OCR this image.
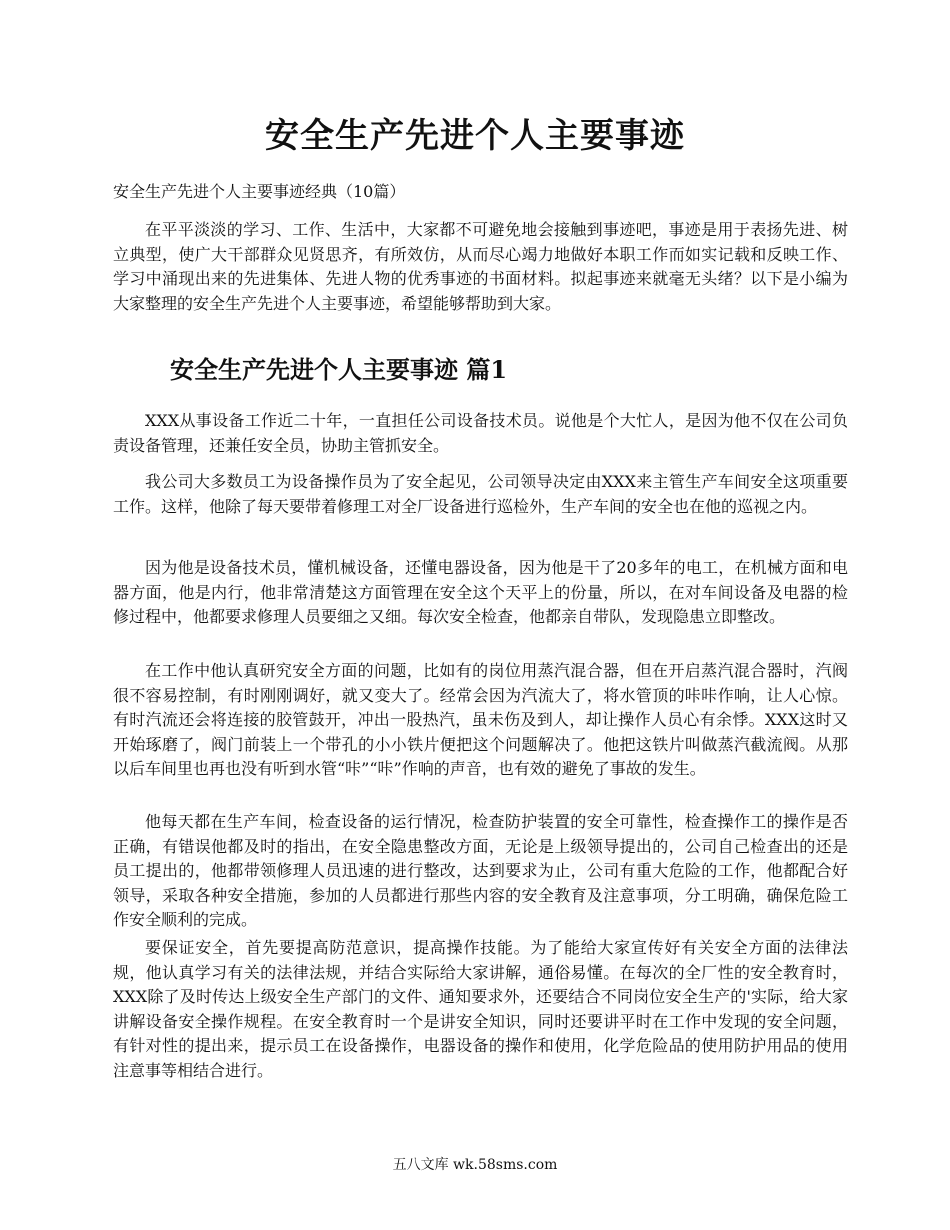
安全生产先进个人主要事迹

安全生产先进个人主要事迹经典（10篇）

在平平淡淡的学习、工作、生活中，大家都不可避免地会接触到事迹吧，事迹是用于表扬先进、树立典型，使广大干部群众见贤思齐，有所效仿，从而尽心竭力地做好本职工作而如实记载和反映工作、学习中涌现出来的先进集体、先进人物的优秀事迹的书面材料。拟起事迹来就毫无头绪？以下是小编为大家整理的安全生产先进个人主要事迹，希望能够帮助到大家。

安全生产先进个人主要事迹 篇1

XXX从事设备工作近二十年，一直担任公司设备技术员。说他是个大忙人，是因为他不仅在公司负责设备管理，还兼任安全员，协助主管抓安全。

我公司大多数员工为设备操作员为了安全起见，公司领导决定由XXX来主管生产车间安全这项重要工作。这样，他除了每天要带着修理工对全厂设备进行巡检外，生产车间的安全也在他的巡视之内。

因为他是设备技术员，懂机械设备，还懂电器设备，因为他是干了20多年的电工，在机械方面和电器方面，他是内行，他非常清楚这方面管理在安全这个天平上的份量，所以，在对车间设备及电器的检修过程中，他都要求修理人员要细之又细。每次安全检查，他都亲自带队，发现隐患立即整改。

在工作中他认真研究安全方面的问题，比如有的岗位用蒸汽混合器，但在开启蒸汽混合器时，汽阀很不容易控制，有时刚刚调好，就又变大了。经常会因为汽流大了，将水管顶的咔咔作响，让人心惊。有时汽流还会将连接的胶管鼓开，冲出一股热汽，虽未伤及到人，却让操作人员心有余悸。XXX这时又开始琢磨了，阀门前装上一个带孔的小小铁片便把这个问题解决了。他把这铁片叫做蒸汽截流阀。从那以后车间里也再也没有听到水管“咔”“咔”作响的声音，也有效的避免了事故的发生。

他每天都在生产车间，检查设备的运行情况，检查防护装置的安全可靠性，检查操作工的操作是否正确，有错误他都及时的指出，在安全隐患整改方面，无论是上级领导提出的，公司自己检查出的还是员工提出的，他都带领修理人员迅速的进行整改，达到要求为止，公司有重大危险的工作，他都配合好领导，采取各种安全措施，参加的人员都进行那些内容的安全教育及注意事项，分工明确，确保危险工作安全顺利的完成。

要保证安全，首先要提高防范意识，提高操作技能。为了能给大家宣传好有关安全方面的法律法规，他认真学习有关的法律法规，并结合实际给大家讲解，通俗易懂。在每次的全厂性的安全教育时，XXX除了及时传达上级安全生产部门的文件、通知要求外，还要结合不同岗位安全生产的'实际，给大家讲解设备安全操作规程。在安全教育时一个是讲安全知识，同时还要讲平时在工作中发现的安全问题，有针对性的提出来，提示员工在设备操作，电器设备的操作和使用，化学危险品的使用防护用品的使用注意事等相结合进行。

五八文库 wk.58sms.com
